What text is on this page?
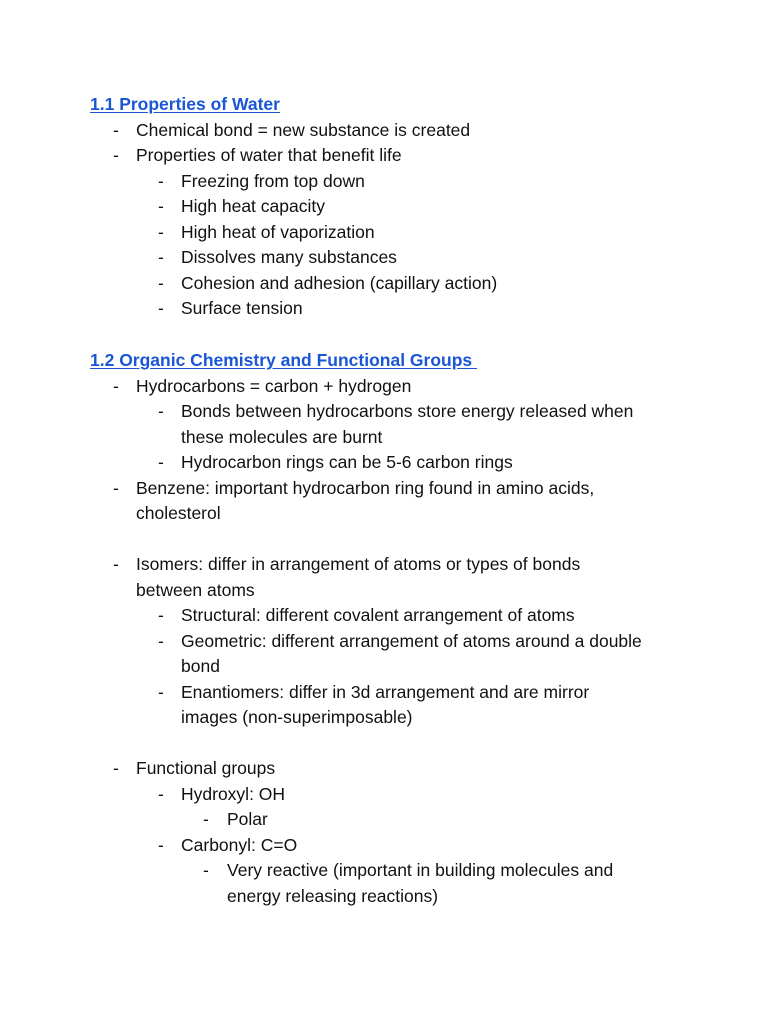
1.1 Properties of Water
- Chemical bond = new substance is created
- Properties of water that benefit life
- Freezing from top down
- High heat capacity
- High heat of vaporization
- Dissolves many substances
- Cohesion and adhesion (capillary action)
- Surface tension
1.2 Organic Chemistry and Functional Groups
- Hydrocarbons = carbon + hydrogen
- Bonds between hydrocarbons store energy released when
these molecules are burnt
- Hydrocarbon rings can be 5-6 carbon rings
- Benzene: important hydrocarbon ring found in amino acids,
cholesterol
- Isomers: differ in arrangement of atoms or types of bonds
between atoms
- Structural: different covalent arrangement of atoms
- Geometric: different arrangement of atoms around a double
bond
- Enantiomers: differ in 3d arrangement and are mirror
images (non-superimposable)
- Functional groups
- Hydroxyl: OH
-	Polar
- Carbonyl: C=O
-	Very reactive (important in building molecules and
energy releasing reactions)
